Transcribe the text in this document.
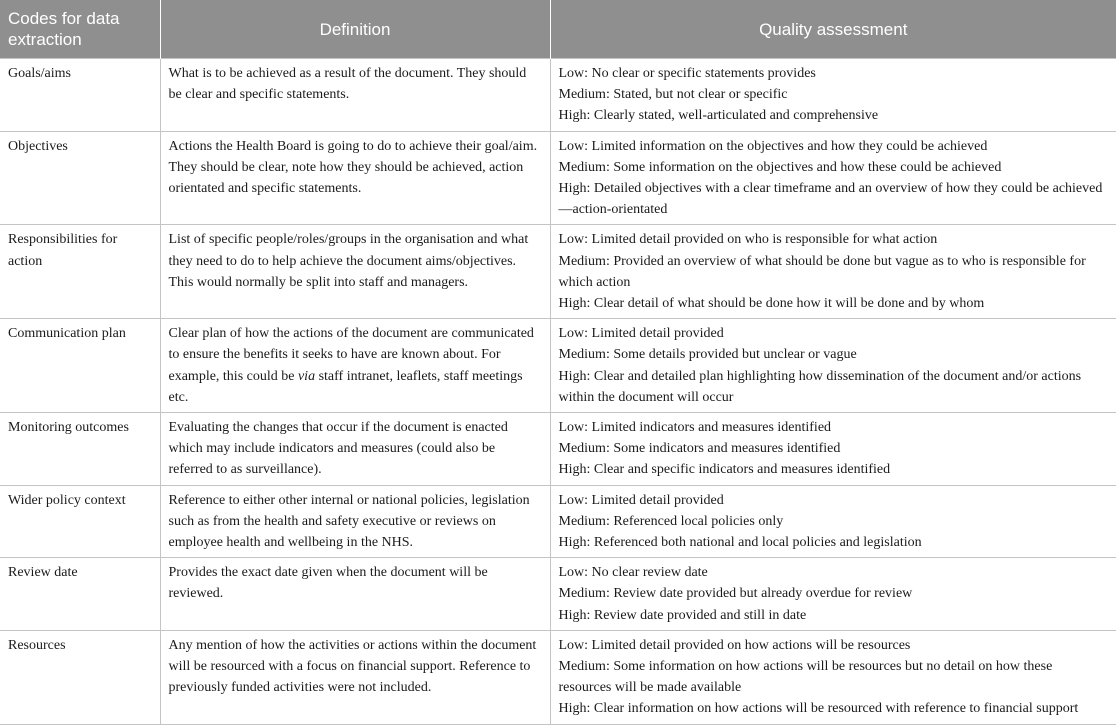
Codes for data extraction	Definition	Quality assessment
Goals/aims	What is to be achieved as a result of the document. They should be clear and specific statements.	Low: No clear or specific statements provides
Medium: Stated, but not clear or specific
High: Clearly stated, well-articulated and comprehensive

Objectives	Actions the Health Board is going to do to achieve their goal/aim. They should be clear, note how they should be achieved, action orientated and specific statements.	Low: Limited information on the objectives and how they could be achieved
Medium: Some information on the objectives and how these could be achieved
High: Detailed objectives with a clear timeframe and an overview of how they could be achieved—action-orientated

Responsibilities for action	List of specific people/roles/groups in the organisation and what they need to do to help achieve the document aims/objectives. This would normally be split into staff and managers.	Low: Limited detail provided on who is responsible for what action
Medium: Provided an overview of what should be done but vague as to who is responsible for which action
High: Clear detail of what should be done how it will be done and by whom

Communication plan	Clear plan of how the actions of the document are communicated to ensure the benefits it seeks to have are known about. For example, this could be via staff intranet, leaflets, staff meetings etc.	Low: Limited detail provided
Medium: Some details provided but unclear or vague
High: Clear and detailed plan highlighting how dissemination of the document and/or actions within the document will occur

Monitoring outcomes	Evaluating the changes that occur if the document is enacted which may include indicators and measures (could also be referred to as surveillance).	Low: Limited indicators and measures identified
Medium: Some indicators and measures identified
High: Clear and specific indicators and measures identified

Wider policy context	Reference to either other internal or national policies, legislation such as from the health and safety executive or reviews on employee health and wellbeing in the NHS.	Low: Limited detail provided
Medium: Referenced local policies only
High: Referenced both national and local policies and legislation

Review date	Provides the exact date given when the document will be reviewed.	Low: No clear review date
Medium: Review date provided but already overdue for review
High: Review date provided and still in date

Resources	Any mention of how the activities or actions within the document will be resourced with a focus on financial support. Reference to previously funded activities were not included.	Low: Limited detail provided on how actions will be resources
Medium: Some information on how actions will be resources but no detail on how these resources will be made available
High: Clear information on how actions will be resourced with reference to financial support
